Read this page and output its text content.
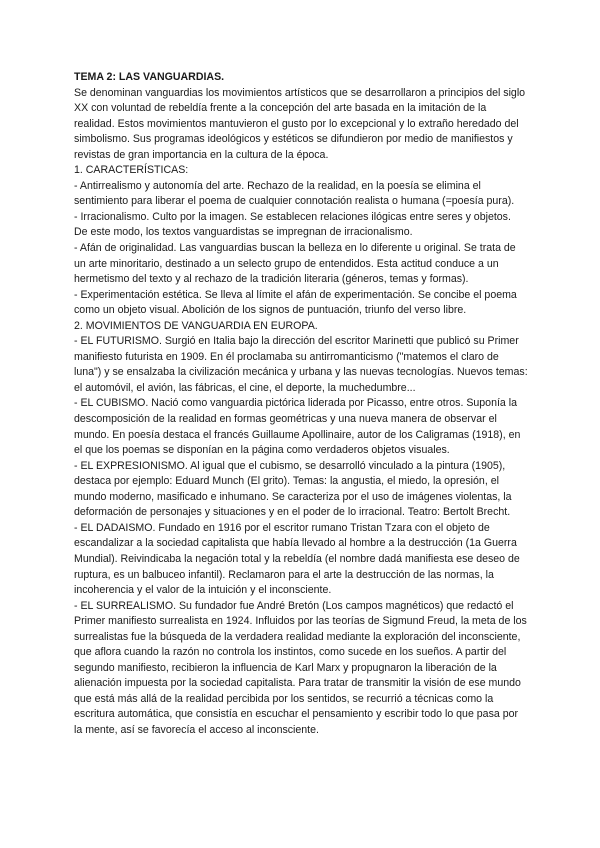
TEMA 2: LAS VANGUARDIAS.

Se denominan vanguardias los movimientos artísticos que se desarrollaron a principios del siglo XX con voluntad de rebeldía frente a la concepción del arte basada en la imitación de la realidad. Estos movimientos mantuvieron el gusto por lo excepcional y lo extraño heredado del simbolismo. Sus programas ideológicos y estéticos se difundieron por medio de manifiestos y revistas de gran importancia en la cultura de la época.

1. CARACTERÍSTICAS:

- Antirrealismo y autonomía del arte. Rechazo de la realidad, en la poesía se elimina el sentimiento para liberar el poema de cualquier connotación realista o humana (=poesía pura).

- Irracionalismo. Culto por la imagen. Se establecen relaciones ilógicas entre seres y objetos.

De este modo, los textos vanguardistas se impregnan de irracionalismo.

- Afán de originalidad. Las vanguardias buscan la belleza en lo diferente u original. Se trata de un arte minoritario, destinado a un selecto grupo de entendidos. Esta actitud conduce a un hermetismo del texto y al rechazo de la tradición literaria (géneros, temas y formas).

- Experimentación estética. Se lleva al límite el afán de experimentación. Se concibe el poema como un objeto visual. Abolición de los signos de puntuación, triunfo del verso libre.

2. MOVIMIENTOS DE VANGUARDIA EN EUROPA.

- EL FUTURISMO. Surgió en Italia bajo la dirección del escritor Marinetti que publicó su Primer manifiesto futurista en 1909. En él proclamaba su antirromanticismo ("matemos el claro de luna") y se ensalzaba la civilización mecánica y urbana y las nuevas tecnologías. Nuevos temas: el automóvil, el avión, las fábricas, el cine, el deporte, la muchedumbre...

- EL CUBISMO. Nació como vanguardia pictórica liderada por Picasso, entre otros. Suponía la descomposición de la realidad en formas geométricas y una nueva manera de observar el mundo. En poesía destaca el francés Guillaume Apollinaire, autor de los Caligramas (1918), en el que los poemas se disponían en la página como verdaderos objetos visuales.

- EL EXPRESIONISMO. Al igual que el cubismo, se desarrolló vinculado a la pintura (1905), destaca por ejemplo: Eduard Munch (El grito). Temas: la angustia, el miedo, la opresión, el mundo moderno, masificado e inhumano. Se caracteriza por el uso de imágenes violentas, la deformación de personajes y situaciones y en el poder de lo irracional. Teatro: Bertolt Brecht.

- EL DADAISMO. Fundado en 1916 por el escritor rumano Tristan Tzara con el objeto de escandalizar a la sociedad capitalista que había llevado al hombre a la destrucción (1a Guerra Mundial). Reivindicaba la negación total y la rebeldía (el nombre dadá manifiesta ese deseo de ruptura, es un balbuceo infantil). Reclamaron para el arte la destrucción de las normas, la incoherencia y el valor de la intuición y el inconsciente.

- EL SURREALISMO. Su fundador fue André Bretón (Los campos magnéticos) que redactó el Primer manifiesto surrealista en 1924. Influidos por las teorías de Sigmund Freud, la meta de los surrealistas fue la búsqueda de la verdadera realidad mediante la exploración del inconsciente, que aflora cuando la razón no controla los instintos, como sucede en los sueños. A partir del segundo manifiesto, recibieron la influencia de Karl Marx y propugnaron la liberación de la alienación impuesta por la sociedad capitalista. Para tratar de transmitir la visión de ese mundo que está más allá de la realidad percibida por los sentidos, se recurrió a técnicas como la escritura automática, que consistía en escuchar el pensamiento y escribir todo lo que pasa por la mente, así se favorecía el acceso al inconsciente.
